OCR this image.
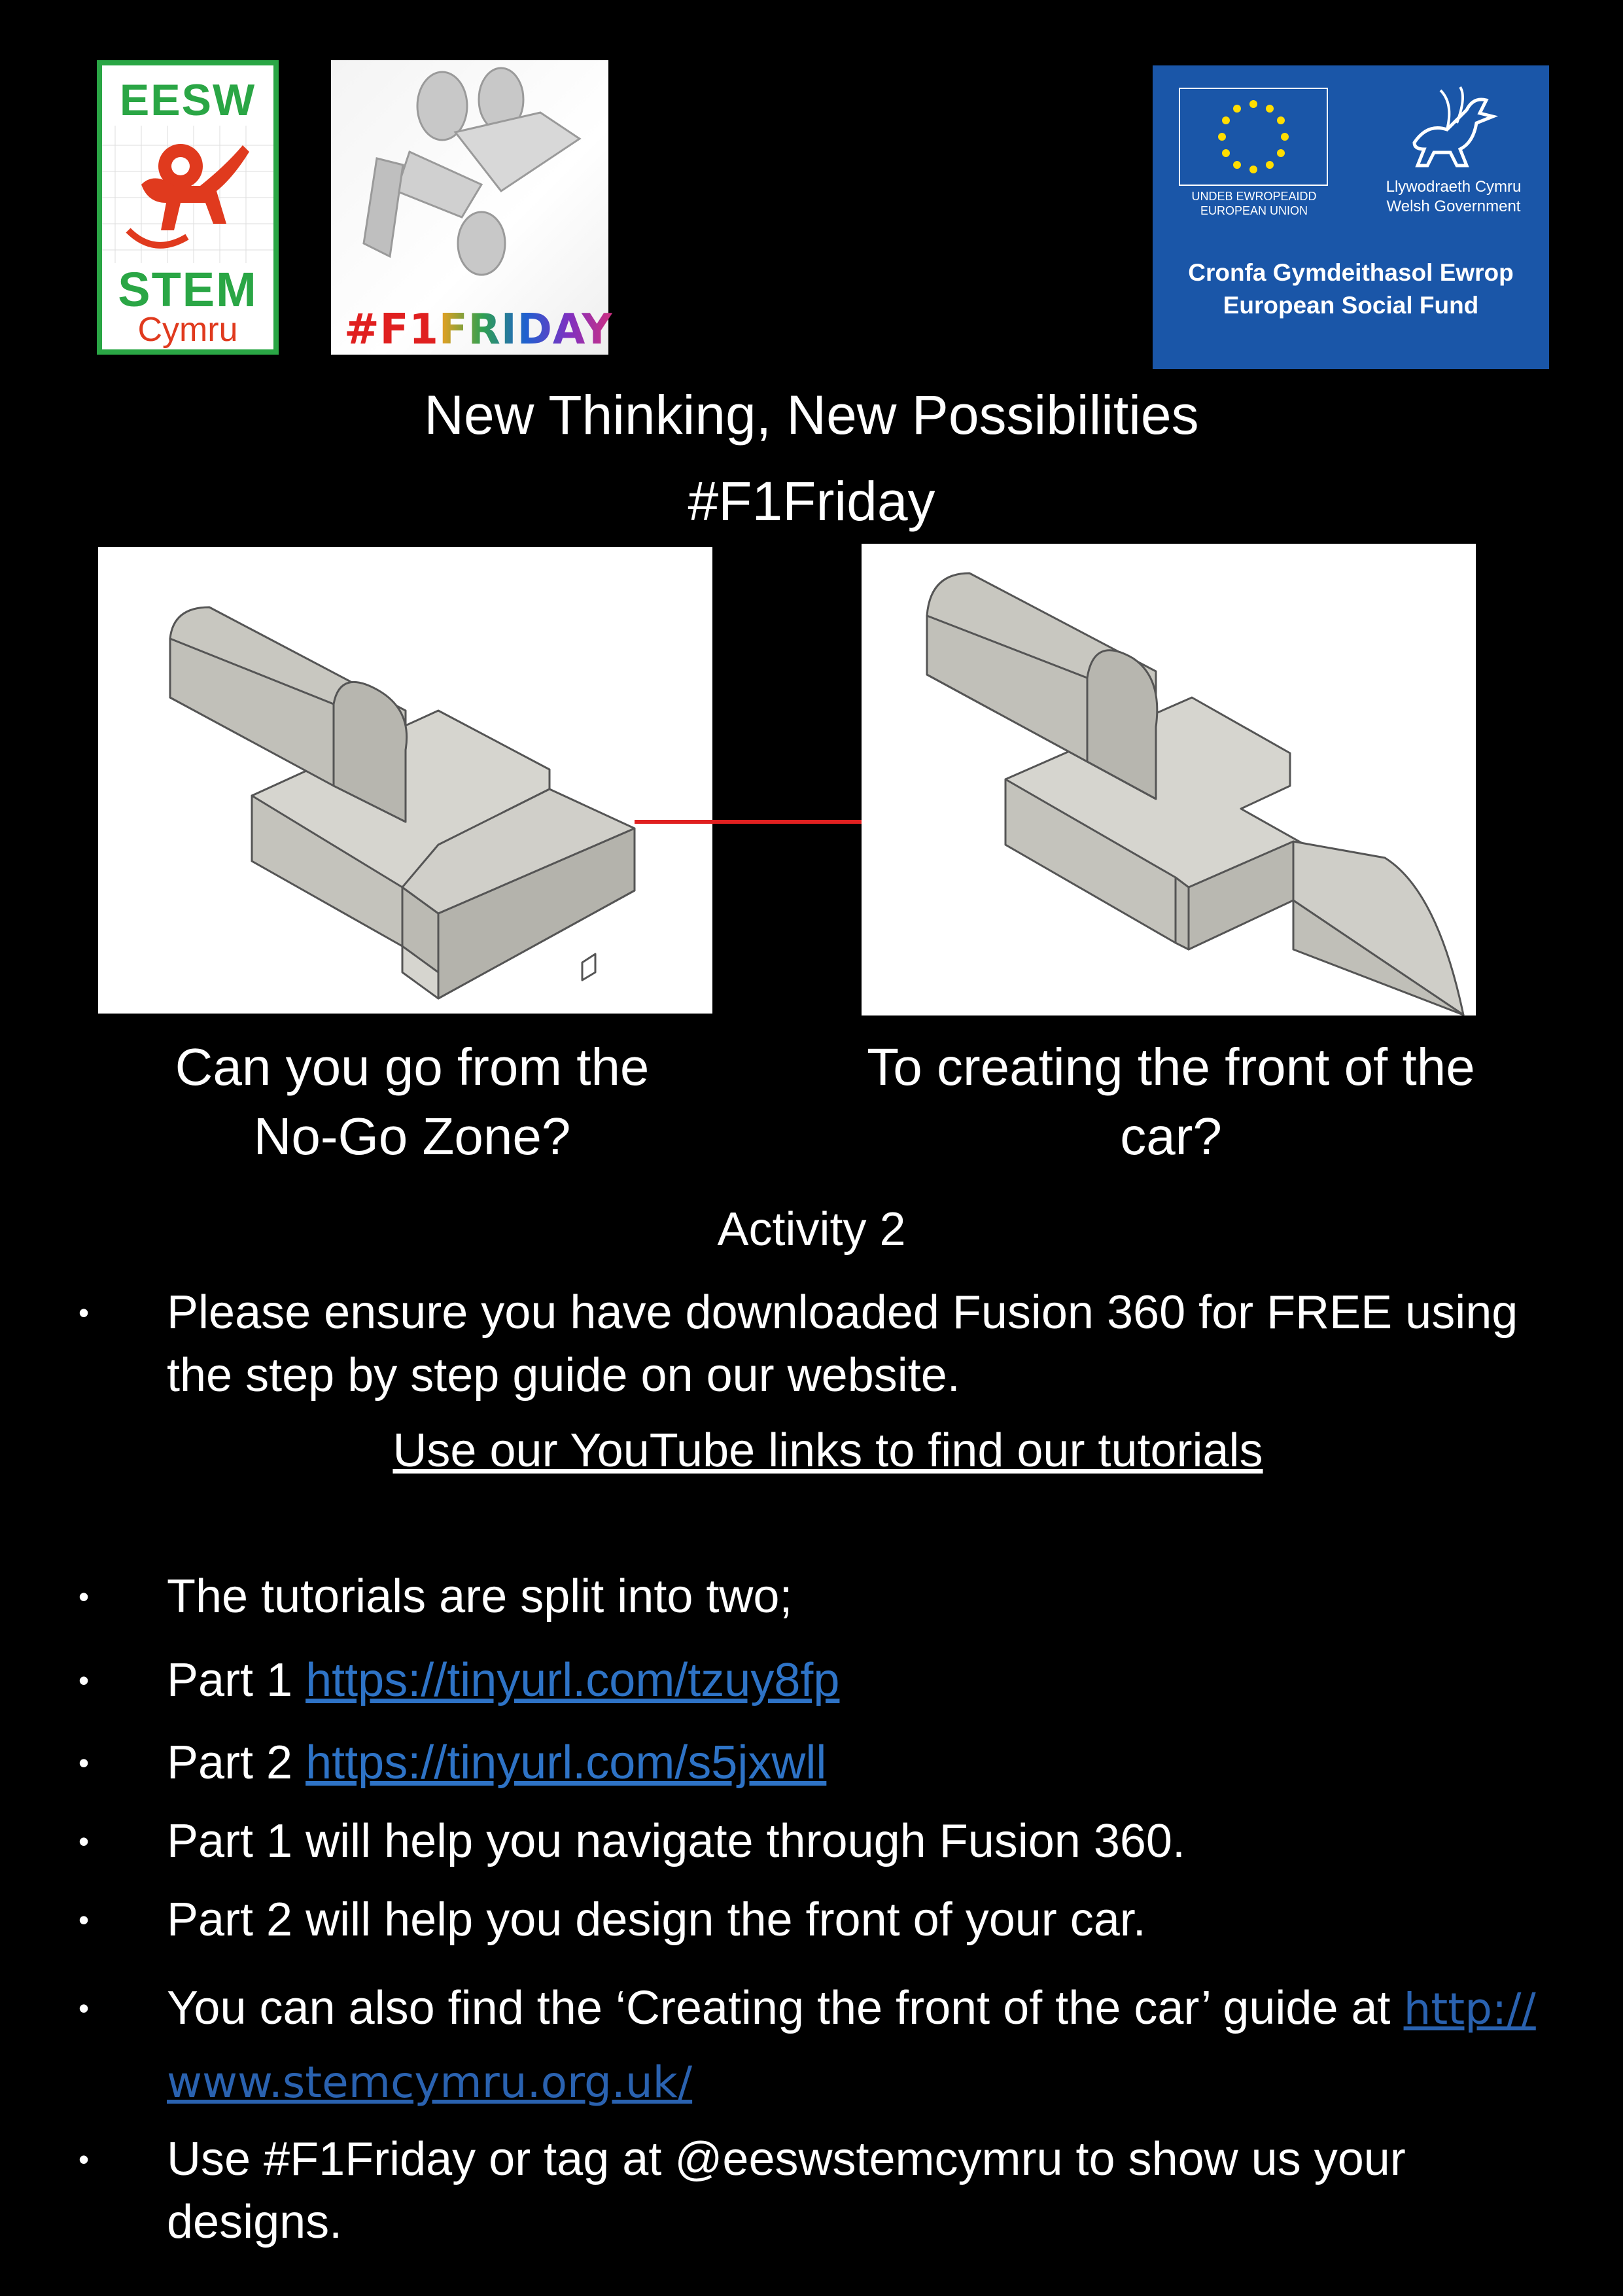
EESW
STEM
Cymru	#F1FRIDAY
UNDEB EWROPEAIDD
EUROPEAN UNION
Llywodraeth Cymru
Welsh Government
Cronfa Gymdeithasol Ewrop
European Social Fund
New Thinking, New Possibilities
#F1Friday
Can you go from the
No-Go Zone?
To creating the front of the
car?
Activity 2
•	Please ensure you have downloaded Fusion 360 for FREE using the step by step guide on our website.
Use our YouTube links to find our tutorials
•	The tutorials are split into two;
•	Part 1 https://tinyurl.com/tzuy8fp
•	Part 2 https://tinyurl.com/s5jxwll
•	Part 1 will help you navigate through Fusion 360.
•	Part 2 will help you design the front of your car.
•	You can also find the ‘Creating the front of the car’ guide at http://
www.stemcymru.org.uk/
•	Use #F1Friday or tag at @eeswstemcymru to show us your designs.
